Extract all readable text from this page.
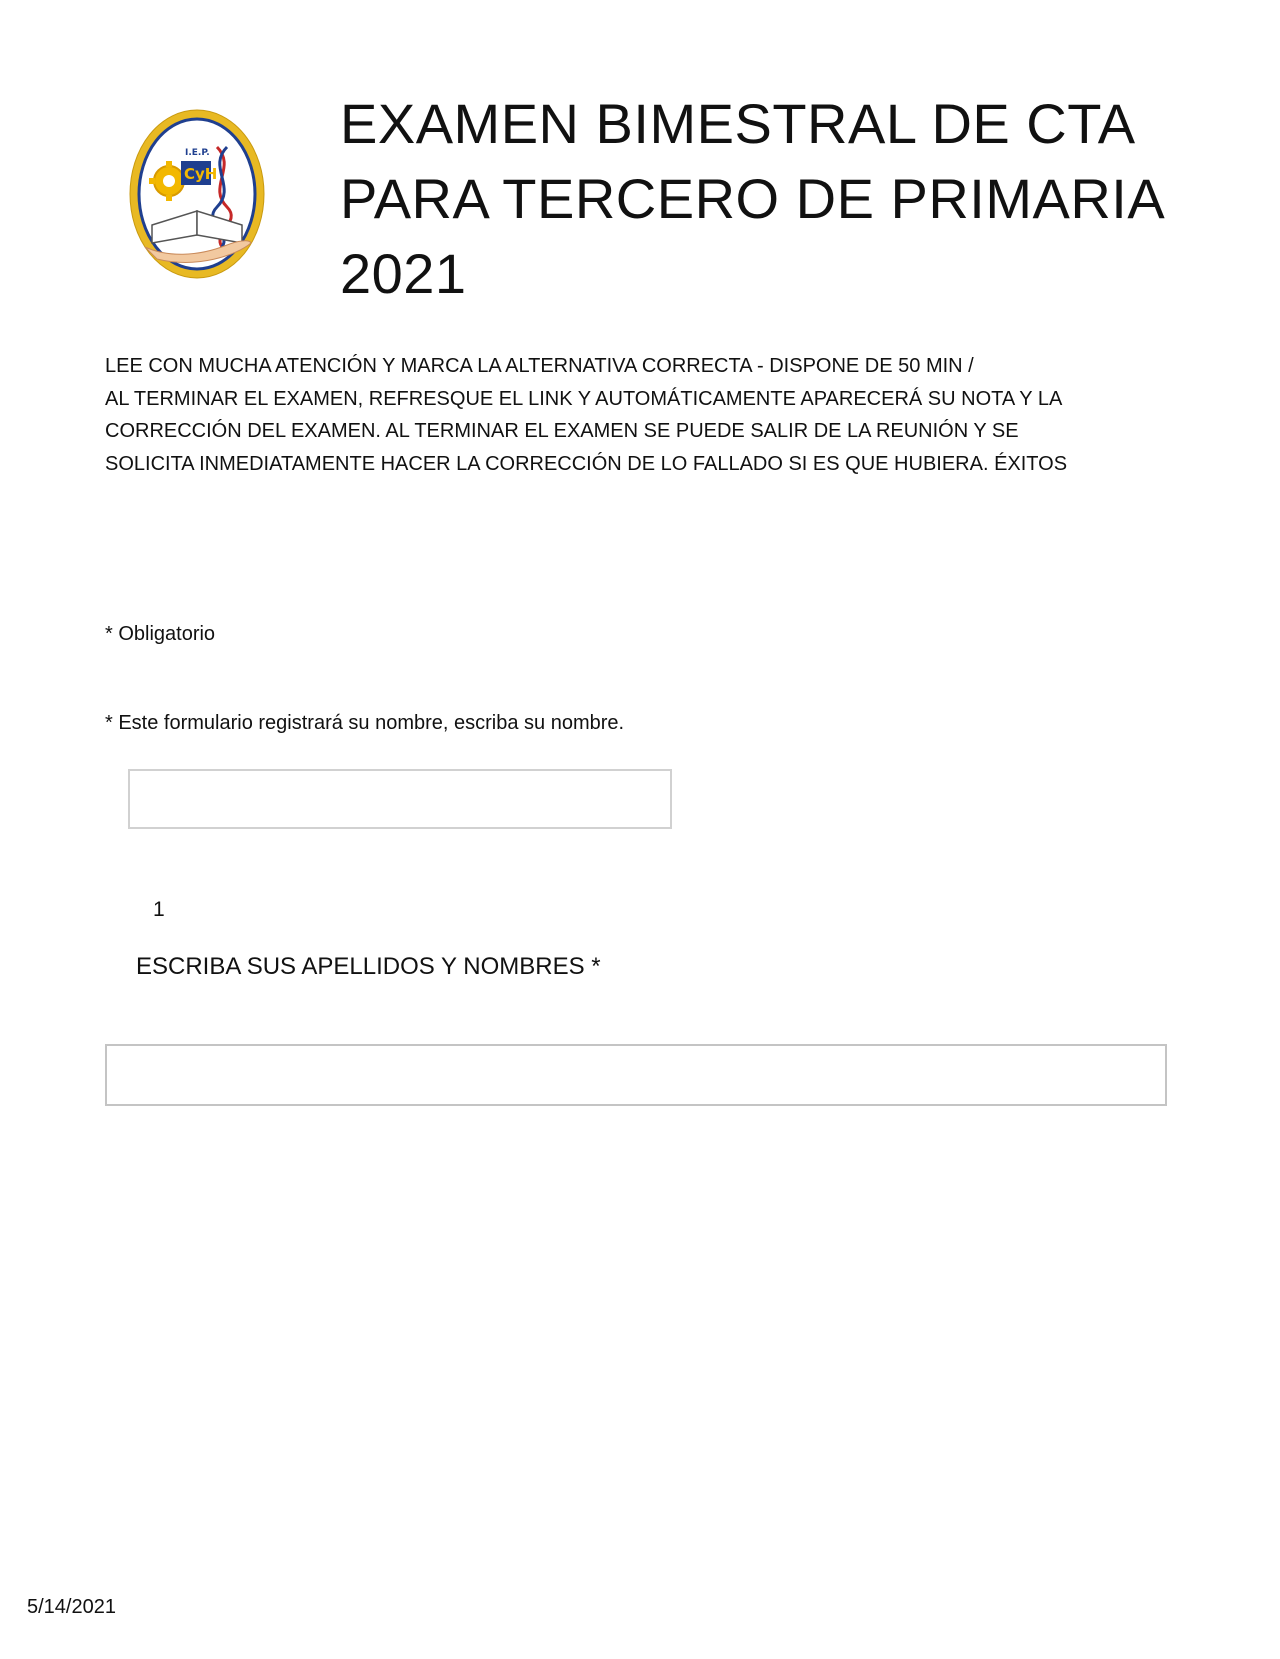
I.E.P.
CyH
EXAMEN BIMESTRAL DE CTA
PARA TERCERO DE PRIMARIA
2021

LEE CON MUCHA ATENCIÓN Y MARCA LA ALTERNATIVA CORRECTA - DISPONE DE 50 MIN /
AL TERMINAR EL EXAMEN, REFRESQUE EL LINK Y AUTOMÁTICAMENTE APARECERÁ SU NOTA Y LA
CORRECCIÓN DEL EXAMEN. AL TERMINAR EL EXAMEN SE PUEDE SALIR DE LA REUNIÓN Y SE
SOLICITA INMEDIATAMENTE HACER LA CORRECCIÓN DE LO FALLADO SI ES QUE HUBIERA. ÉXITOS

* Obligatorio
* Este formulario registrará su nombre, escriba su nombre.
1
ESCRIBA SUS APELLIDOS Y NOMBRES *
5/14/2021
